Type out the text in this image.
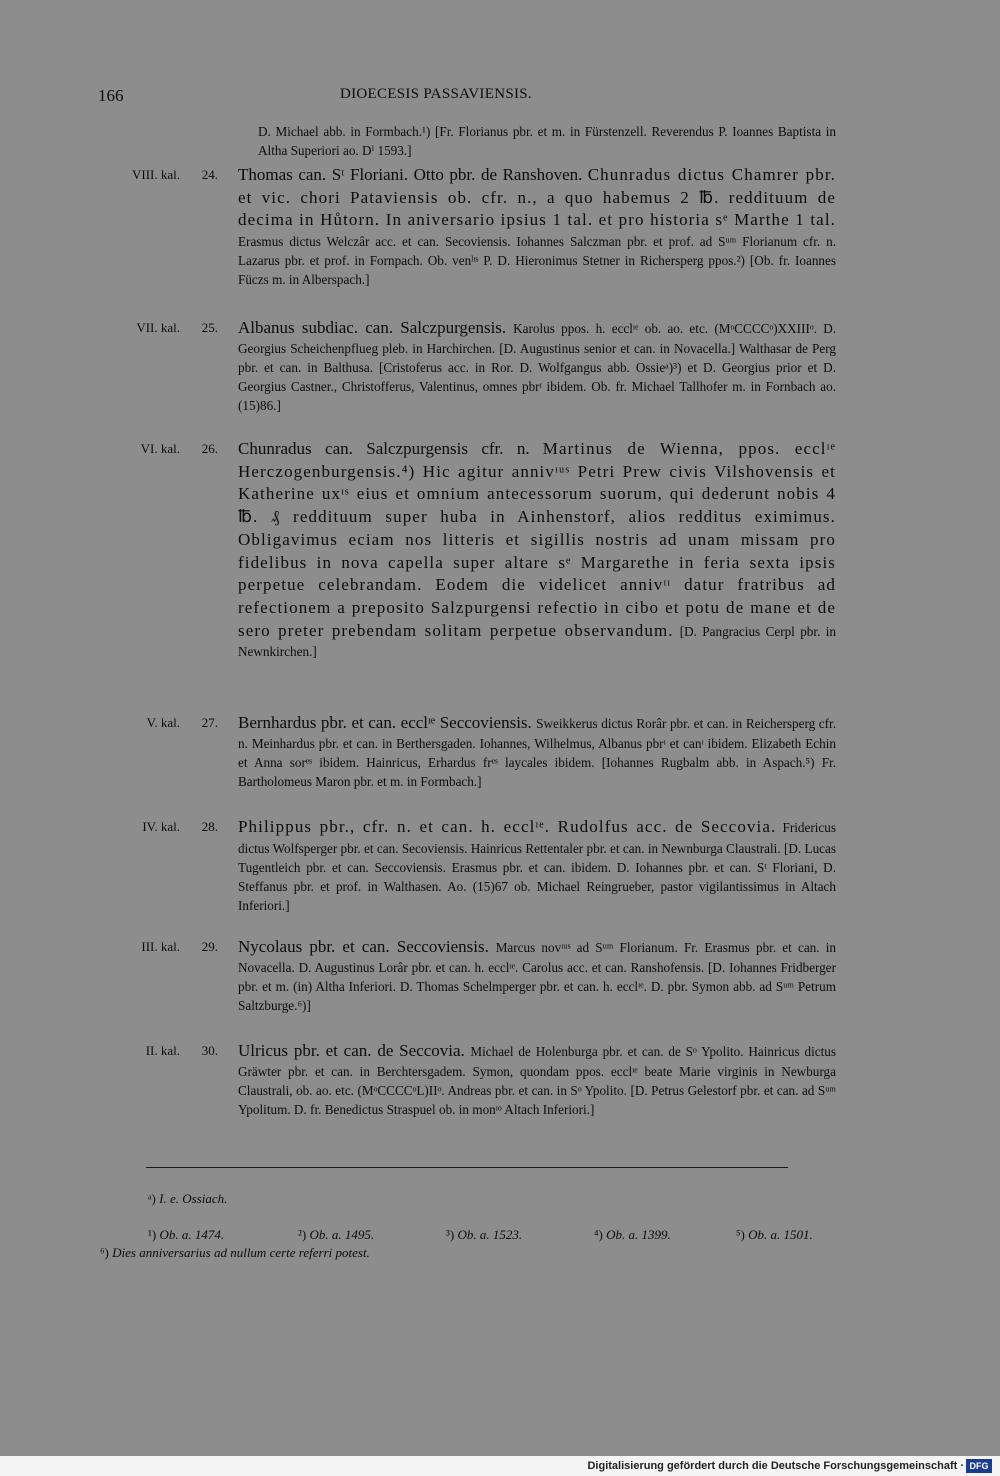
166	DIOECESIS PASSAVIENSIS.
D. Michael abb. in Formbach.¹) [Fr. Florianus pbr. et m. in Fürstenzell. Reverendus P. Ioannes Baptista in Altha Superiori ao. Dⁱ 1593.]
VIII. kal.	24. Thomas can. Sᵗ Floriani. Otto pbr. de Ranshoven. Chunradus dictus Chamrer pbr. et vic. chori Pataviensis ob. cfr. n., a quo habemus 2 ℔. reddituum de decima in Hůtorn. In aniversario ipsius 1 tal. et pro historia sᵉ Marthe 1 tal. Erasmus dictus Welczâr acc. et can. Secoviensis. Iohannes Salczman pbr. et prof. ad Sᵘᵐ Florianum cfr. n. Lazarus pbr. et prof. in Fornpach. Ob. venˡᶦˢ P. D. Hieronimus Stetner in Richersperg ppos.²) [Ob. fr. Ioannes Füczs m. in Alberspach.]
VII. kal.	25. Albanus subdiac. can. Salczpurgensis. Karolus ppos. h. ecclᶦᵉ ob. ao. etc. (MᵒCCCCᵒ)XXIIIᵒ. D. Georgius Scheichenpflueg pleb. in Harchirchen. [D. Augustinus senior et can. in Novacella.] Walthasar de Perg pbr. et can. in Balthusa. [Cristoferus acc. in Ror. D. Wolfgangus abb. Ossieᵃ)³) et D. Georgius prior et D. Georgius Castner., Christofferus, Valentinus, omnes pbrᶦ ibidem. Ob. fr. Michael Tallhofer m. in Fornbach ao. (15)86.]
VI. kal.	26. Chunradus can. Salczpurgensis cfr. n. Martinus de Wienna, ppos. ecclᶦᵉ Herczogenburgensis.⁴) Hic agitur annivᶦᵘˢ Petri Prew civis Vilshovensis et Katherine uxᶦˢ eius et omnium antecessorum suorum, qui dederunt nobis 4 ℔. ₰ reddituum super huba in Ainhenstorf, alios redditus eximimus. Obligavimus eciam nos litteris et sigillis nostris ad unam missam pro fidelibus in nova capella super altare sᵉ Margarethe in feria sexta ipsis perpetue celebrandam. Eodem die videlicet annivᶦᶦ datur fratribus ad refectionem a preposito Salzpurgensi refectio in cibo et potu de mane et de sero preter prebendam solitam perpetue observandum. [D. Pangracius Cerpl pbr. in Newnkirchen.]
V. kal.	27. Bernhardus pbr. et can. ecclᶦᵉ Seccoviensis. Sweikkerus dictus Rorâr pbr. et can. in Reichersperg cfr. n. Meinhardus pbr. et can. in Berthersgaden. Iohannes, Wilhelmus, Albanus pbrᶦ et canᶦ ibidem. Elizabeth Echin et Anna sorᵉˢ ibidem. Hainricus, Erhardus frᵉˢ laycales ibidem. [Iohannes Rugbalm abb. in Aspach.⁵) Fr. Bartholomeus Maron pbr. et m. in Formbach.]
IV. kal.	28. Philippus pbr., cfr. n. et can. h. ecclᶦᵉ. Rudolfus acc. de Seccovia. Fridericus dictus Wolfsperger pbr. et can. Secoviensis. Hainricus Rettentaler pbr. et can. in Newnburga Claustrali. [D. Lucas Tugentleich pbr. et can. Seccoviensis. Erasmus pbr. et can. ibidem. D. Iohannes pbr. et can. Sᵗ Floriani, D. Steffanus pbr. et prof. in Walthasen. Ao. (15)67 ob. Michael Reingrueber, pastor vigilantissimus in Altach Inferiori.]
III. kal.	29. Nycolaus pbr. et can. Seccoviensis. Marcus novᶦᵘˢ ad Sᵘᵐ Florianum. Fr. Erasmus pbr. et can. in Novacella. D. Augustinus Lorâr pbr. et can. h. ecclᶦᵉ. Carolus acc. et can. Ranshofensis. [D. Iohannes Fridberger pbr. et m. (in) Altha Inferiori. D. Thomas Schelmperger pbr. et can. h. ecclᶦᵉ. D. pbr. Symon abb. ad Sᵘᵐ Petrum Saltzburge.⁶)]
II. kal.	30. Ulricus pbr. et can. de Seccovia. Michael de Holenburga pbr. et can. de Sᵒ Ypolito. Hainricus dictus Gräwter pbr. et can. in Berchtersgadem. Symon, quondam ppos. ecclᶦᵉ beate Marie virginis in Newburga Claustrali, ob. ao. etc. (MᵒCCCCᵒL)IIᵒ. Andreas pbr. et can. in Sᵒ Ypolito. [D. Petrus Gelestorf pbr. et can. ad Sᵘᵐ Ypolitum. D. fr. Benedictus Straspuel ob. in monᶦᵒ Altach Inferiori.]
ᵃ) I. e. Ossiach.
¹) Ob. a. 1474.	²) Ob. a. 1495.	³) Ob. a. 1523.	⁴) Ob. a. 1399.	⁵) Ob. a. 1501.
⁶) Dies anniversarius ad nullum certe referri potest.
Digitalisierung gefördert durch die Deutsche Forschungsgemeinschaft · DFG
